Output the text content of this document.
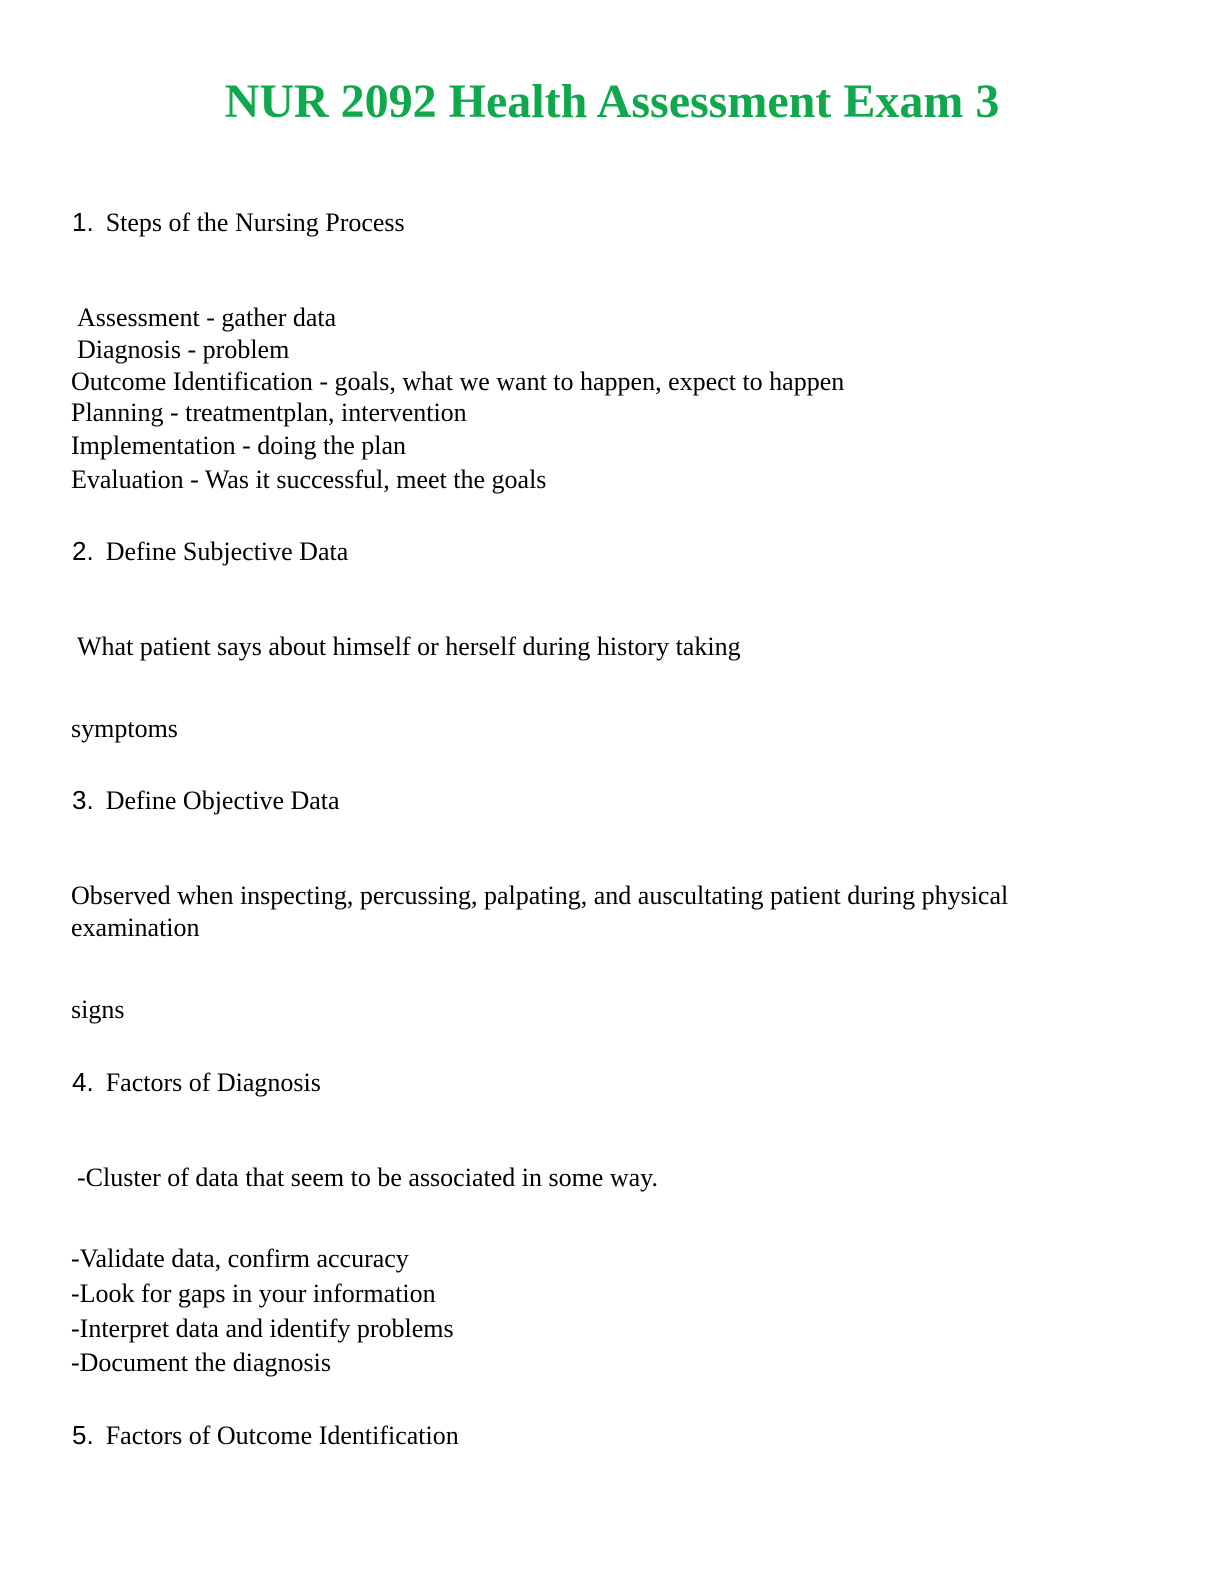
NUR 2092 Health Assessment Exam 3
1. Steps of the Nursing Process
Assessment - gather data
Diagnosis - problem
Outcome Identification - goals, what we want to happen, expect to happen
Planning - treatmentplan, intervention
Implementation - doing the plan
Evaluation - Was it successful, meet the goals
2. Define Subjective Data
What patient says about himself or herself during history taking
symptoms
3. Define Objective Data
Observed when inspecting, percussing, palpating, and auscultating patient during physical examination
signs
4. Factors of Diagnosis
-Cluster of data that seem to be associated in some way.
-Validate data, confirm accuracy
-Look for gaps in your information
-Interpret data and identify problems
-Document the diagnosis
5. Factors of Outcome Identification
